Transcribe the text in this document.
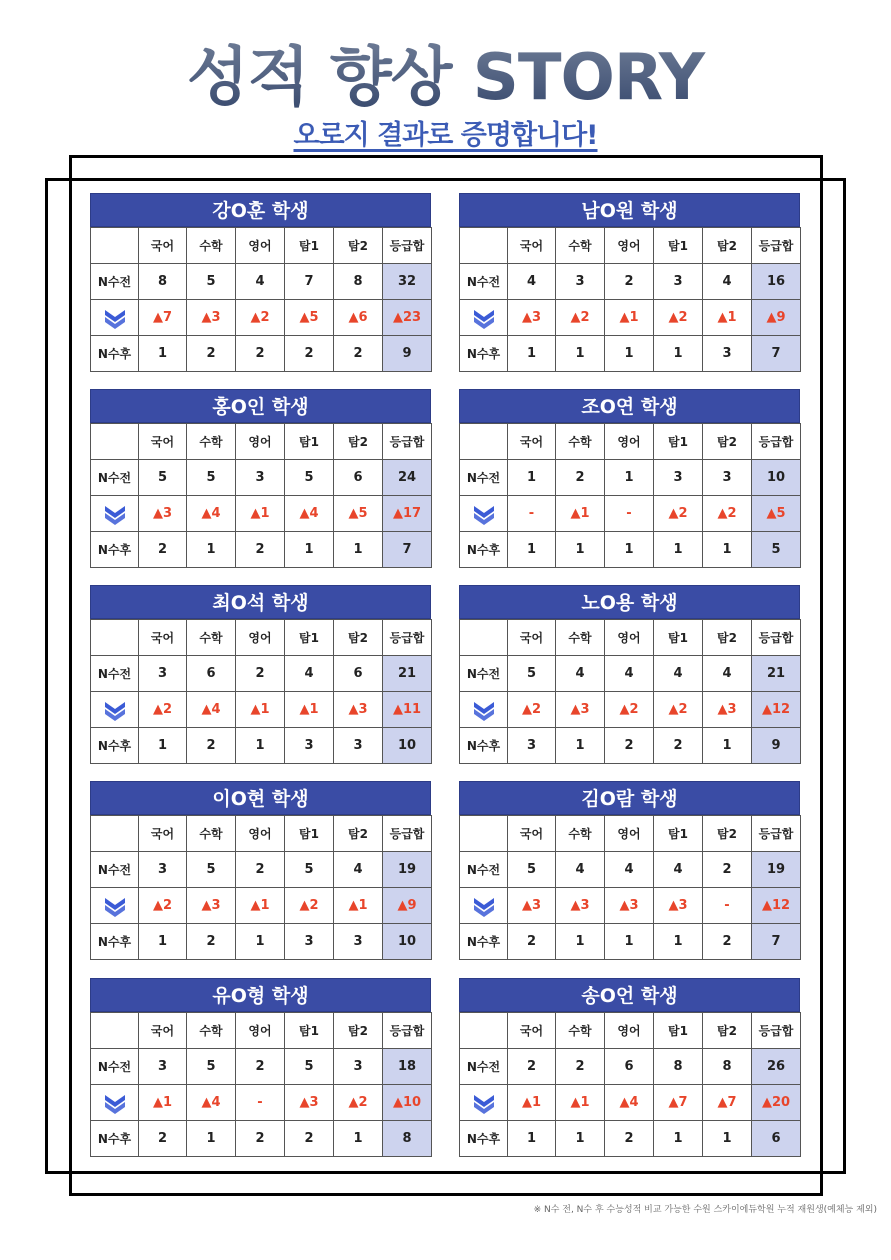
성적 향상 STORY
오로지 결과로 증명합니다!
강O훈 학생
	국어	수학	영어	탐1	탐2	등급합
N수전	8	5	4	7	8	32
	▲7	▲3	▲2	▲5	▲6	▲23
N수후	1	2	2	2	2	9
남O원 학생
	국어	수학	영어	탐1	탐2	등급합
N수전	4	3	2	3	4	16
	▲3	▲2	▲1	▲2	▲1	▲9
N수후	1	1	1	1	3	7
홍O인 학생
	국어	수학	영어	탐1	탐2	등급합
N수전	5	5	3	5	6	24
	▲3	▲4	▲1	▲4	▲5	▲17
N수후	2	1	2	1	1	7
조O연 학생
	국어	수학	영어	탐1	탐2	등급합
N수전	1	2	1	3	3	10
	-	▲1	-	▲2	▲2	▲5
N수후	1	1	1	1	1	5
최O석 학생
	국어	수학	영어	탐1	탐2	등급합
N수전	3	6	2	4	6	21
	▲2	▲4	▲1	▲1	▲3	▲11
N수후	1	2	1	3	3	10
노O용 학생
	국어	수학	영어	탐1	탐2	등급합
N수전	5	4	4	4	4	21
	▲2	▲3	▲2	▲2	▲3	▲12
N수후	3	1	2	2	1	9
이O현 학생
	국어	수학	영어	탐1	탐2	등급합
N수전	3	5	2	5	4	19
	▲2	▲3	▲1	▲2	▲1	▲9
N수후	1	2	1	3	3	10
김O람 학생
	국어	수학	영어	탐1	탐2	등급합
N수전	5	4	4	4	2	19
	▲3	▲3	▲3	▲3	-	▲12
N수후	2	1	1	1	2	7
유O형 학생
	국어	수학	영어	탐1	탐2	등급합
N수전	3	5	2	5	3	18
	▲1	▲4	-	▲3	▲2	▲10
N수후	2	1	2	2	1	8
송O언 학생
	국어	수학	영어	탐1	탐2	등급합
N수전	2	2	6	8	8	26
	▲1	▲1	▲4	▲7	▲7	▲20
N수후	1	1	2	1	1	6
※ N수 전, N수 후 수능성적 비교 가능한 수원 스카이에듀학원 누적 재원생(예체능 제외)
